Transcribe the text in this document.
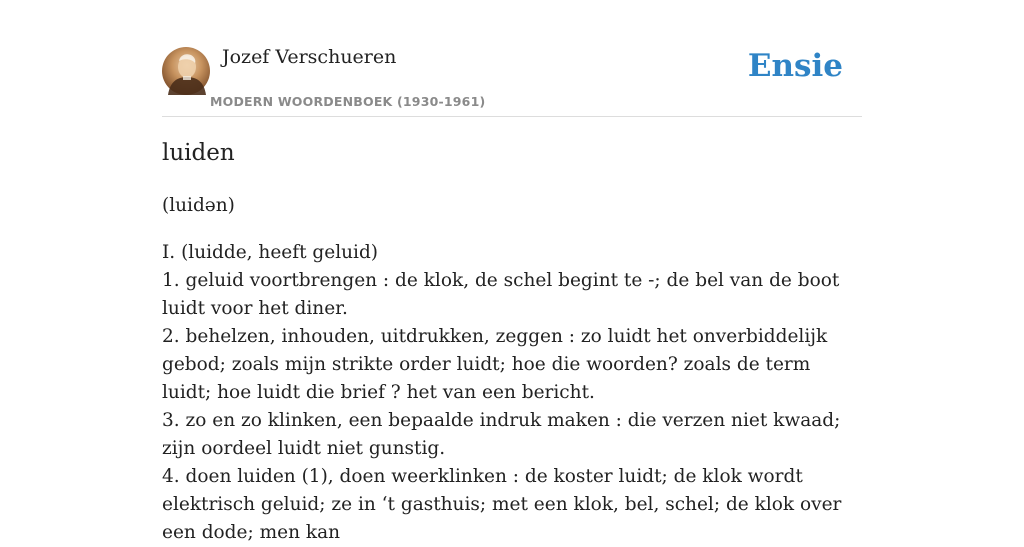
Jozef Verschueren
MODERN WOORDENBOEK (1930-1961)
Ensie
luiden
(luidən)

I. (luidde, heeft geluid)

1. geluid voortbrengen : de klok, de schel begint te -; de bel van de boot luidt voor het diner.

2. behelzen, inhouden, uitdrukken, zeggen : zo luidt het onverbiddelijk gebod; zoals mijn strikte order luidt; hoe die woorden? zoals de term luidt; hoe luidt die brief ? het van een bericht.

3. zo en zo klinken, een bepaalde indruk maken : die verzen niet kwaad; zijn oordeel luidt niet gunstig.

4. doen luiden (1), doen weerklinken : de koster luidt; de klok wordt elektrisch geluid; ze in ‘t gasthuis; met een klok, bel, schel; de klok over een dode; men kan
